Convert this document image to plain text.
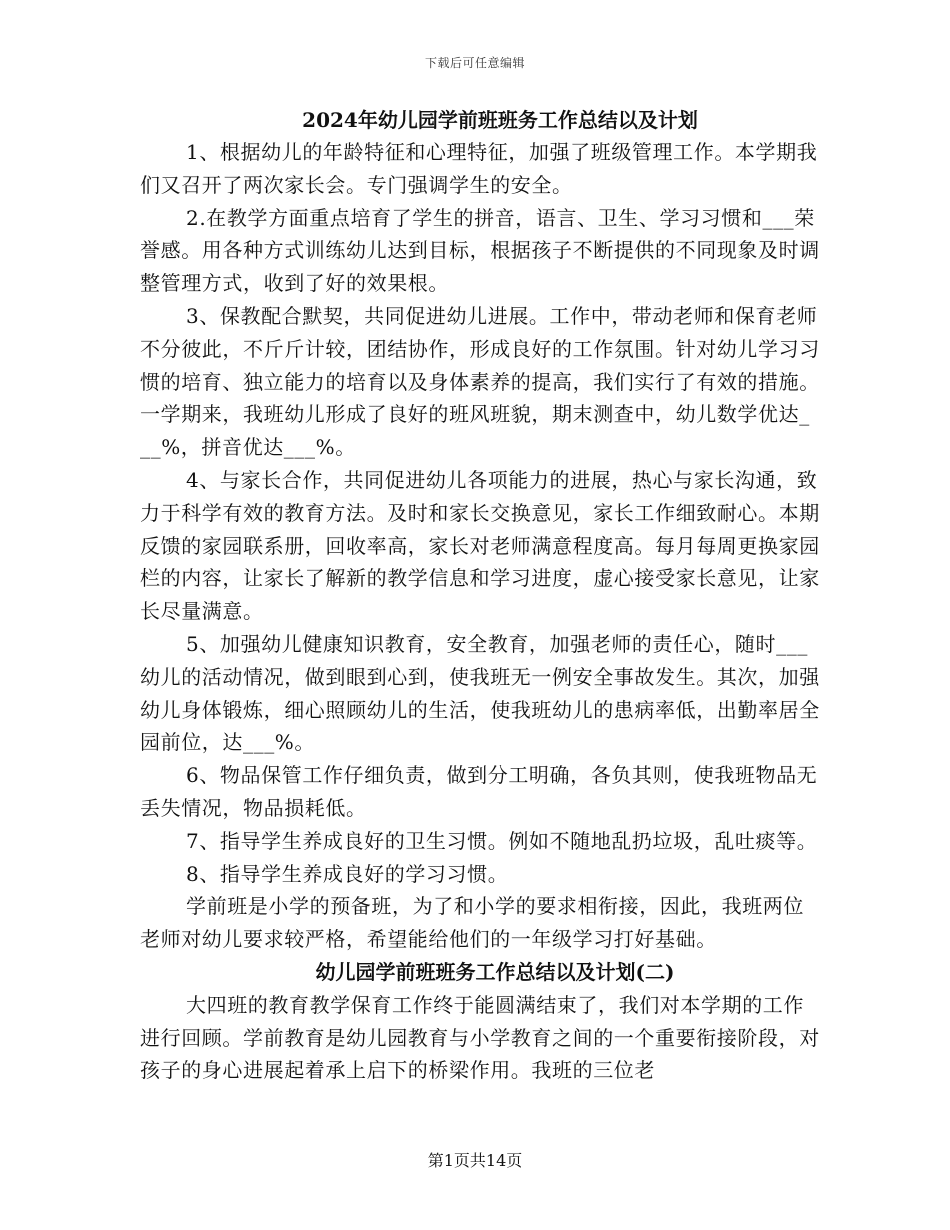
下载后可任意编辑
2024年幼儿园学前班班务工作总结以及计划

1、根据幼儿的年龄特征和心理特征，加强了班级管理工作。本学期我们又召开了两次家长会。专门强调学生的安全。

2.在教学方面重点培育了学生的拼音，语言、卫生、学习习惯和___荣誉感。用各种方式训练幼儿达到目标，根据孩子不断提供的不同现象及时调整管理方式，收到了好的效果根。

3、保教配合默契，共同促进幼儿进展。工作中，带动老师和保育老师不分彼此，不斤斤计较，团结协作，形成良好的工作氛围。针对幼儿学习习惯的培育、独立能力的培育以及身体素养的提高，我们实行了有效的措施。一学期来，我班幼儿形成了良好的班风班貌，期末测查中，幼儿数学优达___%，拼音优达___%。

4、与家长合作，共同促进幼儿各项能力的进展，热心与家长沟通，致力于科学有效的教育方法。及时和家长交换意见，家长工作细致耐心。本期反馈的家园联系册，回收率高，家长对老师满意程度高。每月每周更换家园栏的内容，让家长了解新的教学信息和学习进度，虚心接受家长意见，让家长尽量满意。

5、加强幼儿健康知识教育，安全教育，加强老师的责任心，随时___幼儿的活动情况，做到眼到心到，使我班无一例安全事故发生。其次，加强幼儿身体锻炼，细心照顾幼儿的生活，使我班幼儿的患病率低，出勤率居全园前位，达___%。

6、物品保管工作仔细负责，做到分工明确，各负其则，使我班物品无丢失情况，物品损耗低。

7、指导学生养成良好的卫生习惯。例如不随地乱扔垃圾，乱吐痰等。

8、指导学生养成良好的学习习惯。

学前班是小学的预备班，为了和小学的要求相衔接，因此，我班两位老师对幼儿要求较严格，希望能给他们的一年级学习打好基础。

幼儿园学前班班务工作总结以及计划(二)

大四班的教育教学保育工作终于能圆满结束了，我们对本学期的工作进行回顾。学前教育是幼儿园教育与小学教育之间的一个重要衔接阶段，对孩子的身心进展起着承上启下的桥梁作用。我班的三位老

第1页共14页
